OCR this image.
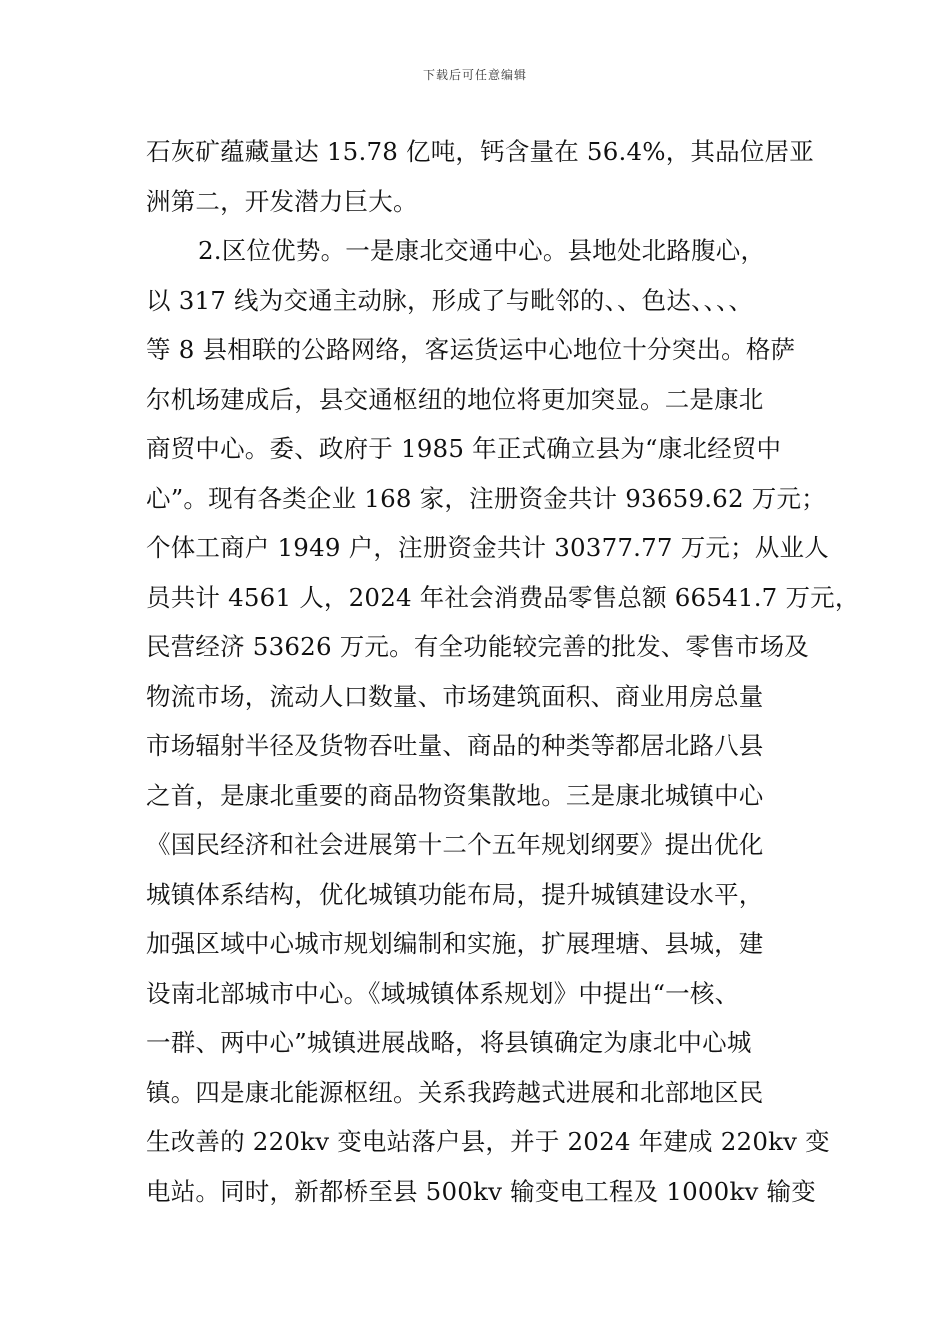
下载后可任意编辑
石灰矿蕴藏量达 15.78 亿吨，钙含量在 56.4%，其品位居亚
洲第二，开发潜力巨大。
2.区位优势。一是康北交通中心。县地处北路腹心，
以 317 线为交通主动脉，形成了与毗邻的、、色达、、、、
等 8 县相联的公路网络，客运货运中心地位十分突出。格萨
尔机场建成后，县交通枢纽的地位将更加突显。二是康北
商贸中心。委、政府于 1985 年正式确立县为“康北经贸中
心”。现有各类企业 168 家，注册资金共计 93659.62 万元；
个体工商户 1949 户，注册资金共计 30377.77 万元；从业人
员共计 4561 人，2024 年社会消费品零售总额 66541.7 万元，
民营经济 53626 万元。有全功能较完善的批发、零售市场及
物流市场，流动人口数量、市场建筑面积、商业用房总量
市场辐射半径及货物吞吐量、商品的种类等都居北路八县
之首，是康北重要的商品物资集散地。三是康北城镇中心
《国民经济和社会进展第十二个五年规划纲要》提出优化
城镇体系结构，优化城镇功能布局，提升城镇建设水平，
加强区域中心城市规划编制和实施，扩展理塘、县城，建
设南北部城市中心。《域城镇体系规划》中提出“一核、
一群、两中心”城镇进展战略，将县镇确定为康北中心城
镇。四是康北能源枢纽。关系我跨越式进展和北部地区民
生改善的 220kv 变电站落户县，并于 2024 年建成 220kv 变
电站。同时，新都桥至县 500kv 输变电工程及 1000kv 输变
